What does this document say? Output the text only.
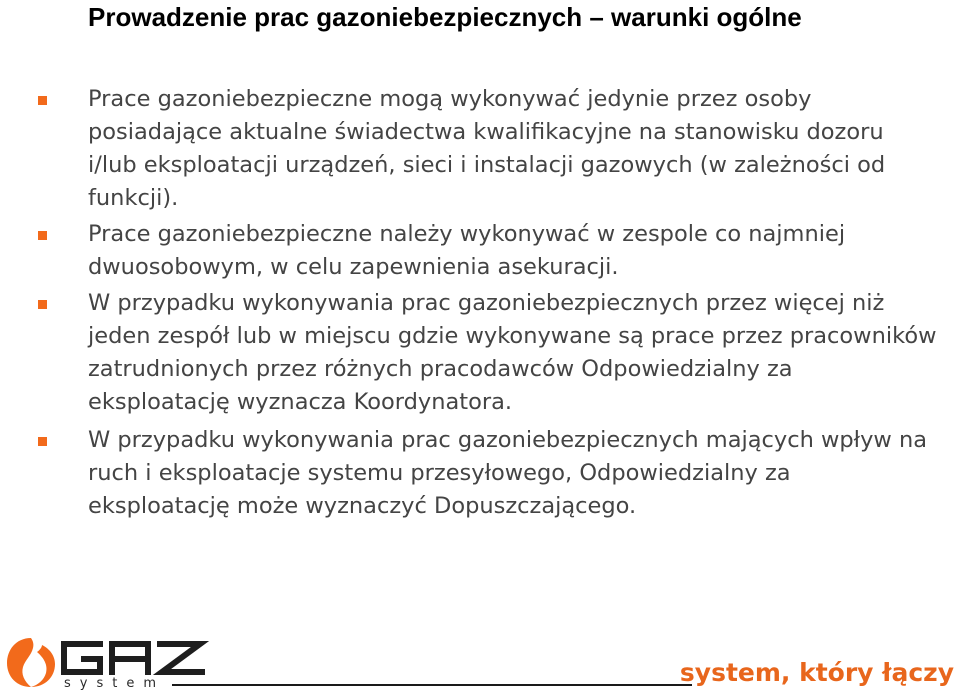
Prowadzenie prac gazoniebezpiecznych – warunki ogólne
Prace gazoniebezpieczne mogą wykonywać jedynie przez osoby posiadające aktualne świadectwa kwalifikacyjne na stanowisku dozoru i/lub eksploatacji urządzeń, sieci i instalacji gazowych (w zależności od funkcji).
Prace gazoniebezpieczne należy wykonywać w zespole co najmniej dwuosobowym, w celu zapewnienia asekuracji.
W przypadku wykonywania prac gazoniebezpiecznych przez więcej niż jeden zespół lub w miejscu gdzie wykonywane są prace przez pracowników zatrudnionych przez różnych pracodawców Odpowiedzialny za eksploatację wyznacza Koordynatora.
W przypadku wykonywania prac gazoniebezpiecznych mających wpływ na ruch i eksploatacje systemu przesyłowego, Odpowiedzialny za eksploatację może wyznaczyć Dopuszczającego.
GAZ
system	system, który łączy
